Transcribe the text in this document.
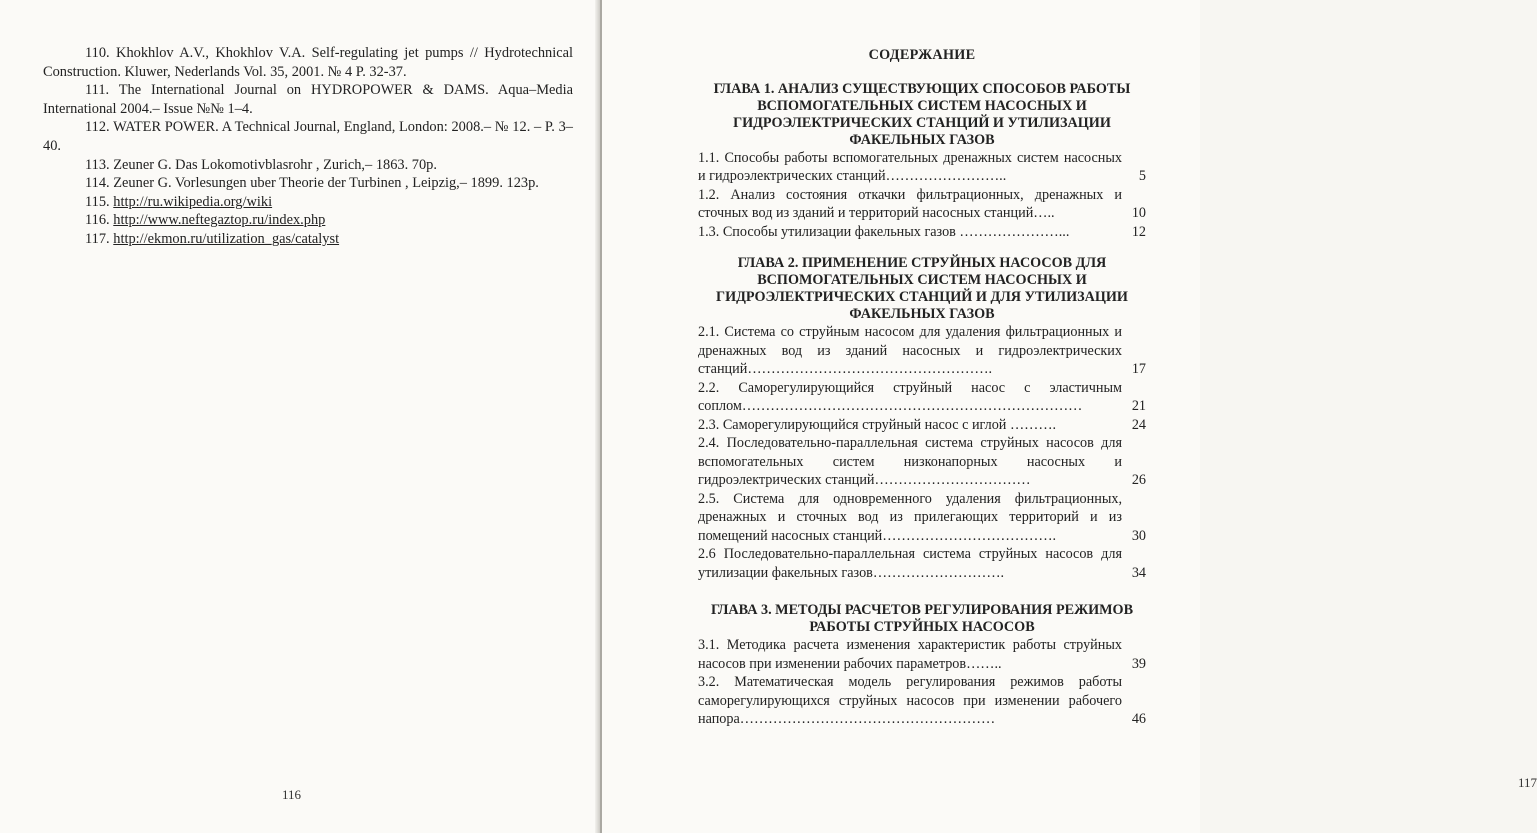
110. Khokhlov A.V., Khokhlov V.A. Self-regulating jet pumps // Hydrotechnical Construction. Kluwer, Nederlands Vol. 35, 2001. № 4 P. 32-37.

111. The International Journal on HYDROPOWER & DAMS. Aqua–Media International 2004.– Issue №№ 1–4.

112. WATER POWER. A Technical Journal, England, London: 2008.– № 12. – P. 3–40.

113. Zeuner G. Das Lokomotivblasrohr , Zurich,– 1863. 70p.

114. Zeuner G. Vorlesungen uber Theorie der Turbinen , Leipzig,– 1899. 123p.

115. http://ru.wikipedia.org/wiki

116. http://www.neftegaztop.ru/index.php

117. http://ekmon.ru/utilization_gas/catalyst

116

СОДЕРЖАНИЕ

ГЛАВА 1. АНАЛИЗ СУЩЕСТВУЮЩИХ СПОСОБОВ РАБОТЫ ВСПОМОГАТЕЛЬНЫХ СИСТЕМ НАСОСНЫХ И ГИДРОЭЛЕКТРИЧЕСКИХ СТАНЦИЙ И УТИЛИЗАЦИИ ФАКЕЛЬНЫХ ГАЗОВ

1.1. Способы работы вспомогательных дренажных систем насосных и гидроэлектрических станций……………………..	5

1.2. Анализ состояния откачки фильтрационных, дренажных и сточных вод из зданий и территорий насосных станций…..	10

1.3. Способы утилизации факельных газов …………………...	12

ГЛАВА 2. ПРИМЕНЕНИЕ СТРУЙНЫХ НАСОСОВ ДЛЯ ВСПОМОГАТЕЛЬНЫХ СИСТЕМ НАСОСНЫХ И ГИДРОЭЛЕКТРИЧЕСКИХ СТАНЦИЙ И ДЛЯ УТИЛИЗАЦИИ ФАКЕЛЬНЫХ ГАЗОВ

2.1. Система со струйным насосом для удаления фильтрационных и дренажных вод из зданий насосных и гидроэлектрических станций…………………………………………….	17

2.2. Саморегулирующийся струйный насос с эластичным соплом………………………………………………………………	21

2.3. Саморегулирующийся струйный насос с иглой ……….	24

2.4. Последовательно-параллельная система струйных насосов для вспомогательных систем низконапорных насосных и гидроэлектрических станций……………………………	26

2.5. Система для одновременного удаления фильтрационных, дренажных и сточных вод из прилегающих территорий и из помещений насосных станций……………………………….	30

2.6 Последовательно-параллельная система струйных насосов для утилизации факельных газов……………………….	34

ГЛАВА 3. МЕТОДЫ РАСЧЕТОВ РЕГУЛИРОВАНИЯ РЕЖИМОВ РАБОТЫ СТРУЙНЫХ НАСОСОВ

3.1. Методика расчета изменения характеристик работы струйных насосов при изменении рабочих параметров……..	39

3.2. Математическая модель регулирования режимов работы саморегулирующихся струйных насосов при изменении рабочего напора………………………………………………	46

117
